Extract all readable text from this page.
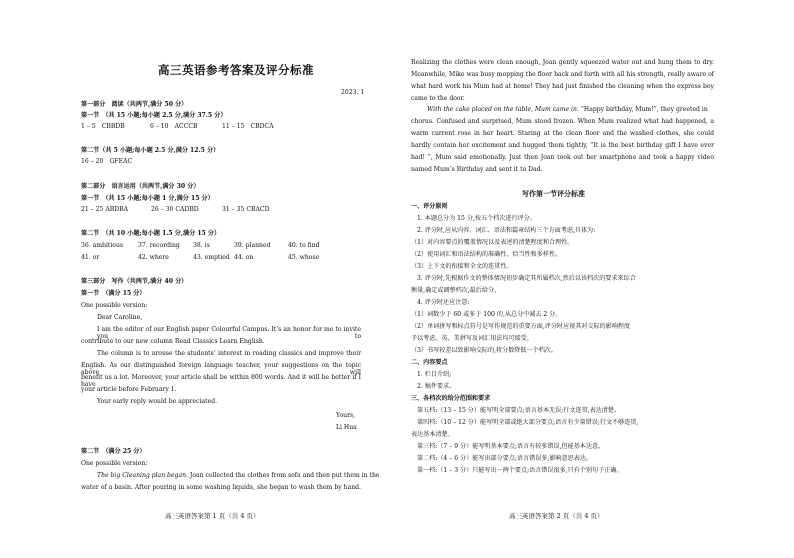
高三英语参考答案及评分标准
2023. 1
第一部分　阅读（共两节,满分 50 分）
第一节　（共 15 小题;每小题 2.5 分,满分 37.5 分）
1 – 5　CBBDB	6 – 10　ACCCB	11 – 15　CBDCA
第二节（共 5 小题;每小题 2.5 分,满分 12.5 分）
16 – 20　GFEAC
第二部分　语言运用（共两节,满分 30 分）
第一节　（共 15 小题;每小题 1 分,满分 15 分）
21 – 25 ABDBA	26 – 30 CADBD	31 – 35 CBACD
第二节　（共 10 小题;每小题 1.5 分,满分 15 分）
36. ambitious 37. recording 38. is	39. planned	40. to find
41. or	42. where	43. emptied 44. on	45. whose
第三部分　写作（共两节,满分 40 分）
第一节　（满分 15 分）
One possible version:
Dear Caroline,
I am the editor of our English paper Colourful Campus. It’s an honor for me to invite you to
contribute to our new column Read Classics Learn English.
The column is to arouse the students’ interest in reading classics and improve their
English. As our distinguished foreign language teacher, your suggestions on the topic above will
benefit us a lot. Moreover, your article shall be within 800 words. And it will be better if I have
your article before February 1.
Your early reply would be appreciated.
Yours,
Li Hua
第二节　（满分 25 分）
One possible version:
The big Cleaning plan began. Joan collected the clothes from sofa and then put them in the
water of a basin. After pouring in some washing liquids, she began to wash them by hand.
高三英语答案第 1 页（共 4 页）
Realizing the clothes were clean enough, Joan gently squeezed water out and hung them to dry.
Meanwhile, Mike was busy mopping the floor back and forth with all his strength, really aware of
what hard work his Mum had at home! They had just finished the cleaning when the express boy
came to the door.
With the cake placed on the table, Mum came in. “Happy birthday, Mum!”, they greeted in
chorus. Confused and surprised, Mum stood frozen. When Mum realized what had happened, a
warm current rose in her heart. Staring at the clean floor and the washed clothes, she could
hardly contain her excitement and hugged them tightly, “It is the best birthday gift I have ever
had! ”, Mum said emotionally. Just then Joan took out her smartphone and took a happy video
named Mum’s Birthday and sent it to Dad.
写作第一节评分标准
一、评分原则
1. 本题总分为 15 分,按五个档次进行评分。
2. 评分时,应从内容、词汇、语法和篇章结构三个方面考虑,具体为:
（1）对内容要点的覆盖情况以及表述的清楚程度和合理性。
（2）使用词汇和语法结构的准确性、恰当性和多样性。
（3）上下文的衔接和全文的连贯性。
3. 评分时,先根据作文的整体情况初步确定其所属档次,然后以该档次的要求来综合
衡量,确定或调整档次,最后给分。
4. 评分时还应注意:
（1）词数少于 60 或多于 100 的,从总分中减去 2 分。
（2）单词拼写和标点符号是写作规范的重要方面,评分时应视其对交际的影响程度
予以考虑。英、美拼写及词汇用法均可接受。
（3）书写较差以致影响交际的,将分数降低一个档次。
二、内容要点
1. 栏目介绍;
2. 稿件要求。
三、各档次的给分范围和要求
第五档:（13 – 15 分）能写明全部要点;语言基本无误;行文连贯,表达清楚。
第四档:（10 – 12 分）能写明全部或绝大部分要点;语言有少量错误;行文不够连贯,
表达基本清楚。
第三档:（7 – 9 分）能写明基本要点;语言有较多错误,但能基本达意。
第二档:（4 – 6 分）能写出部分要点;语言错误多,影响意思表达。
第一档:（1 – 3 分）只能写出一两个要点;语言错误很多,只有个别句子正确。
高三英语答案第 2 页（共 4 页）
